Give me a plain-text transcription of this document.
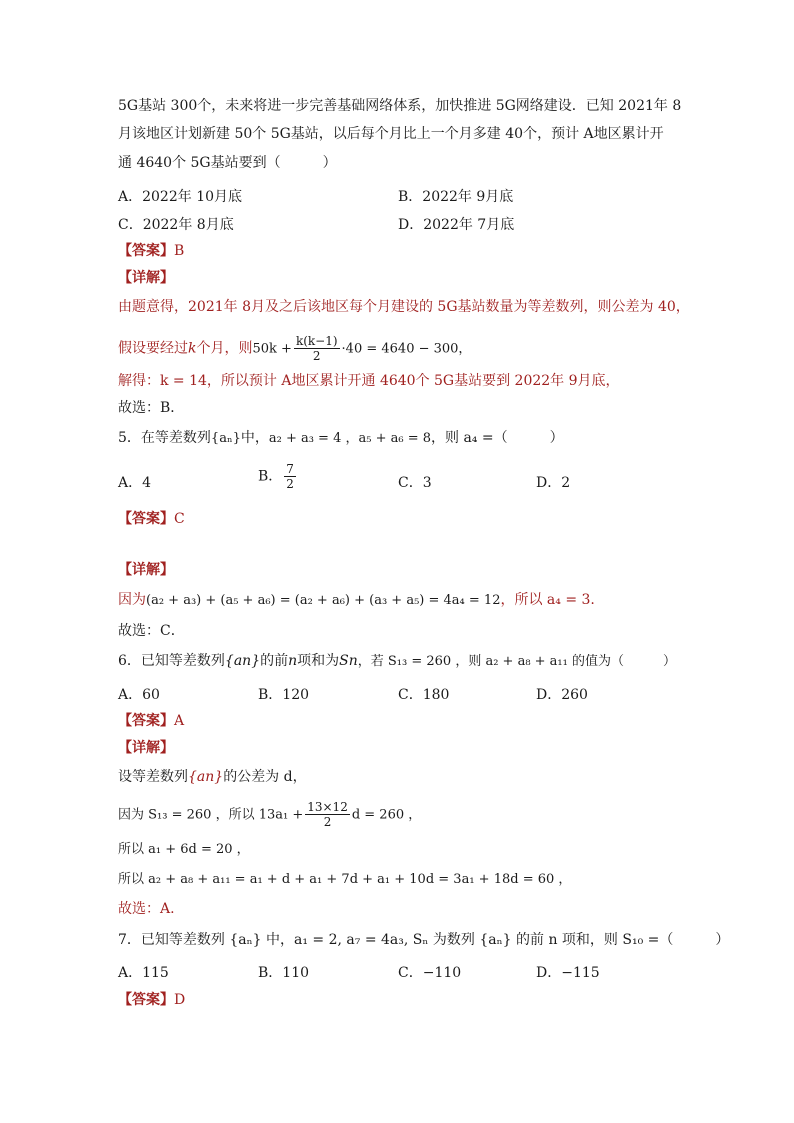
5G基站 300个，未来将进一步完善基础网络体系，加快推进 5G网络建设．已知 2021年 8
月该地区计划新建 50个 5G基站，以后每个月比上一个月多建 40个，预计 A地区累计开
通 4640个 5G基站要到（　　　）
A．2022年 10月底	B．2022年 9月底
C．2022年 8月底	D．2022年 7月底
【答案】B
【详解】
由题意得，2021年 8月及之后该地区每个月建设的 5G基站数量为等差数列，则公差为 40，
假设要经过k个月，则$50k + \frac{k(k-1)}{2} \cdot 40 = 4640 - 300$，
解得：k = 14，所以预计 A地区累计开通 4640个 5G基站要到 2022年 9月底，
故选：B．
5．在等差数列{aₙ}中，a₂ + a₃ = 4 ，a₅ + a₆ = 8，则 a₄ =（　　　）
A．4	B． $\frac{7}{2}$	C．3	D．2
【答案】C
【详解】
因为(a₂ + a₃) + (a₅ + a₆) = (a₂ + a₆) + (a₃ + a₅) = 4a₄ = 12，所以 a₄ = 3.
故选：C．
6．已知等差数列{an}的前n项和为Sn，若 S₁₃ = 260 ，则 a₂ + a₈ + a₁₁ 的值为（　　　）
A．60	B．120	C．180	D．260
【答案】A
【详解】
设等差数列{an}的公差为 d，
因为 S₁₃ = 260 ，所以 $13a_1 + \frac{13\times 12}{2}$ d = 260 ，
所以 a₁ + 6d = 20 ，
所以 a₂ + a₈ + a₁₁ = a₁ + d + a₁ + 7d + a₁ + 10d = 3a₁ + 18d = 60 ，
故选：A.
7．已知等差数列 {aₙ} 中，a₁ = 2, a₇ = 4a₃, Sₙ 为数列 {aₙ} 的前 n 项和，则 S₁₀ =（　　　）
A．115	B．110	C．−110	D．−115
【答案】D
